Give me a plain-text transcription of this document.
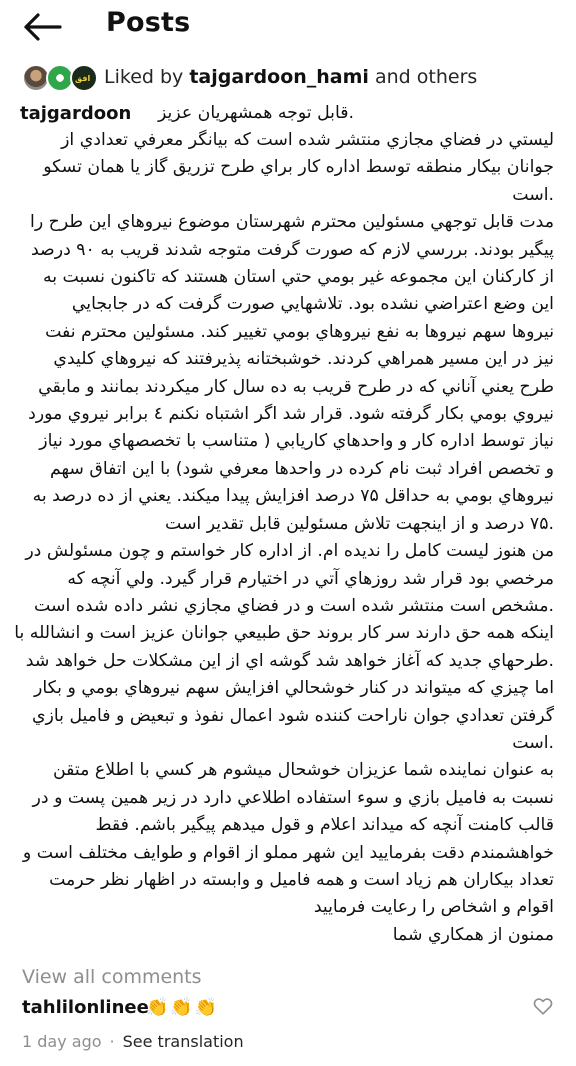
Posts
افق Liked by tajgardoon_hami and others
tajgardoon .قابل توجه همشهريان عزيز
ليستي در فضاي مجازي منتشر شده است كه بيانگر معرفي تعدادي از
جوانان بيكار منطقه توسط اداره كار براي طرح تزريق گاز يا همان تسكو
.است
مدت قابل توجهي مسئولين محترم شهرستان موضوع نيروهاي اين طرح را
پيگير بودند. بررسي لازم كه صورت گرفت متوجه شدند قريب به ۹۰ درصد
از كاركنان اين مجموعه غير بومي حتي استان هستند كه تاكنون نسبت به
اين وضع اعتراضي نشده بود. تلاشهايي صورت گرفت كه در جابجايي
نيروها سهم نيروها به نفع نيروهاي بومي تغيير كند. مسئولين محترم نفت
نيز در اين مسير همراهي كردند. خوشبختانه پذيرفتند كه نيروهاي كليدي
طرح يعني آناني كه در طرح قريب به ده سال كار ميكردند بمانند و مابقي
نيروي بومي بكار گرفته شود. قرار شد اگر اشتباه نكنم ٤ برابر نيروي مورد
نياز توسط اداره كار و واحدهاي كاريابي ( متناسب با تخصصهاي مورد نياز
و تخصص افراد ثبت نام كرده در واحدها معرفي شود) با اين اتفاق سهم
نيروهاي بومي به حداقل ۷۵ درصد افزايش پيدا ميكند. يعني از ده درصد به
.۷۵ درصد و از اينجهت تلاش مسئولين قابل تقدير است
من هنوز ليست كامل را نديده ام. از اداره كار خواستم و چون مسئولش در
مرخصي بود قرار شد روزهاي آتي در اختيارم قرار گيرد. ولي آنچه كه
.مشخص است منتشر شده است و در فضاي مجازي نشر داده شده است
اينكه همه حق دارند سر كار بروند حق طبيعي جوانان عزيز است و انشالله با
.طرحهاي جديد كه آغاز خواهد شد گوشه اي از اين مشكلات حل خواهد شد
اما چيزي كه ميتواند در كنار خوشحالي افزايش سهم نيروهاي بومي و بكار
گرفتن تعدادي جوان ناراحت كننده شود اعمال نفوذ و تبعيض و فاميل بازي
.است
به عنوان نماينده شما عزيزان خوشحال ميشوم هر كسي با اطلاع متقن
نسبت به فاميل بازي و سوء استفاده اطلاعي دارد در زير همين پست و در
قالب كامنت آنچه كه ميداند اعلام و قول ميدهم پيگير باشم. فقط
خواهشمندم دقت بفرماييد اين شهر مملو از اقوام و طوايف مختلف است و
تعداد بيكاران هم زياد است و همه فاميل و وابسته در اظهار نظر حرمت
اقوام و اشخاص را رعايت فرماييد
ممنون از همكاري شما
View all comments
tahlilonlinee
👏👏👏
1 day ago · See translation
